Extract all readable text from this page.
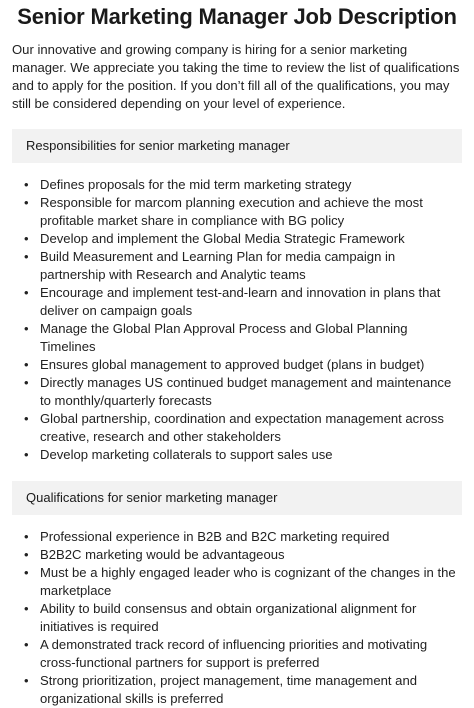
Senior Marketing Manager Job Description

Our innovative and growing company is hiring for a senior marketing manager. We appreciate you taking the time to review the list of qualifications and to apply for the position. If you don’t fill all of the qualifications, you may still be considered depending on your level of experience.

Responsibilities for senior marketing manager
• Defines proposals for the mid term marketing strategy
• Responsible for marcom planning execution and achieve the most profitable market share in compliance with BG policy
• Develop and implement the Global Media Strategic Framework
• Build Measurement and Learning Plan for media campaign in partnership with Research and Analytic teams
• Encourage and implement test-and-learn and innovation in plans that deliver on campaign goals
• Manage the Global Plan Approval Process and Global Planning Timelines
• Ensures global management to approved budget (plans in budget)
• Directly manages US continued budget management and maintenance to monthly/quarterly forecasts
• Global partnership, coordination and expectation management across creative, research and other stakeholders
• Develop marketing collaterals to support sales use
Qualifications for senior marketing manager
• Professional experience in B2B and B2C marketing required
• B2B2C marketing would be advantageous
• Must be a highly engaged leader who is cognizant of the changes in the marketplace
• Ability to build consensus and obtain organizational alignment for initiatives is required
• A demonstrated track record of influencing priorities and motivating cross-functional partners for support is preferred
• Strong prioritization, project management, time management and organizational skills is preferred
